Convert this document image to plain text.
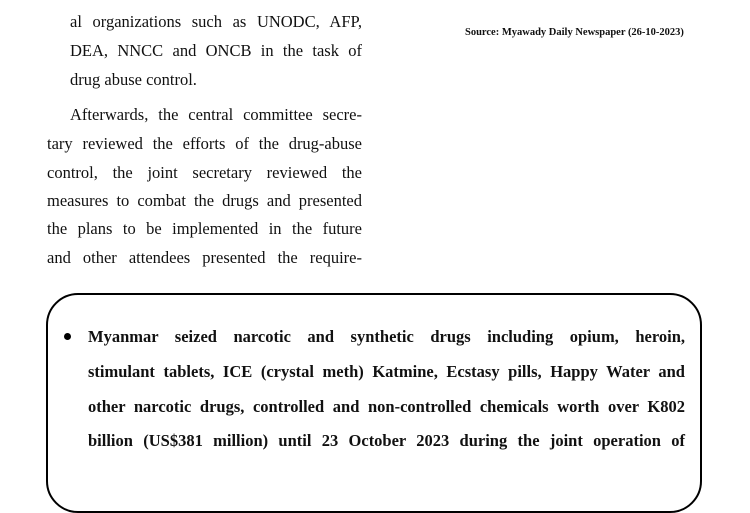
al organizations such as UNODC, AFP,

DEA, NNCC and ONCB in the task of

drug abuse control.

Afterwards, the central committee secre-

tary reviewed the efforts of the drug-abuse

control, the joint secretary reviewed the

measures to combat the drugs and presented

the plans to be implemented in the future

and other attendees presented the require-

Source: Myawady Daily Newspaper (26-10-2023)

Myanmar seized narcotic and synthetic drugs including opium, heroin,

stimulant tablets, ICE (crystal meth) Katmine, Ecstasy pills, Happy Water and

other narcotic drugs, controlled and non-controlled chemicals worth over K802

billion (US$381 million) until 23 October 2023 during the joint operation of
